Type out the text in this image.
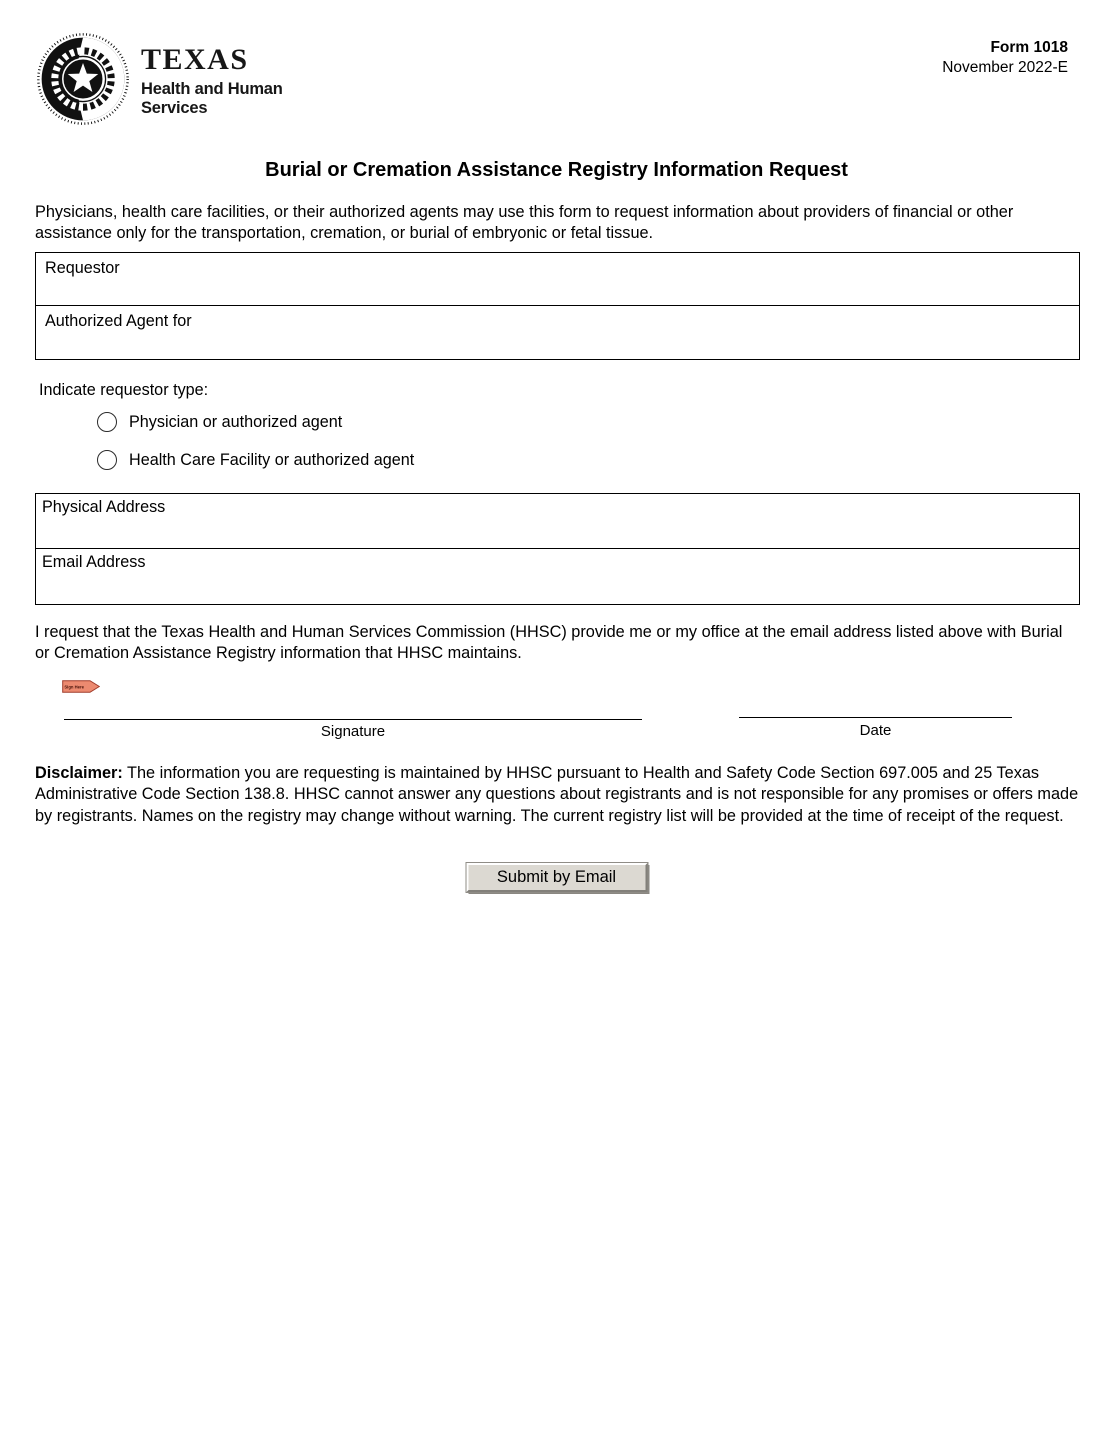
TEXAS
Health and Human
Services
Form 1018
November 2022-E
Burial or Cremation Assistance Registry Information Request

Physicians, health care facilities, or their authorized agents may use this form to request information about providers of financial or other assistance only for the transportation, cremation, or burial of embryonic or fetal tissue.

Requestor
Authorized Agent for
Indicate requestor type:
Physician or authorized agent
Health Care Facility or authorized agent
Physical Address
Email Address

I request that the Texas Health and Human Services Commission (HHSC) provide me or my office at the email address listed above with Burial or Cremation Assistance Registry information that HHSC maintains.

Sign Here
Signature	Date

Disclaimer: The information you are requesting is maintained by HHSC pursuant to Health and Safety Code Section 697.005 and 25 Texas Administrative Code Section 138.8. HHSC cannot answer any questions about registrants and is not responsible for any promises or offers made by registrants. Names on the registry may change without warning. The current registry list will be provided at the time of receipt of the request.

Submit by Email
